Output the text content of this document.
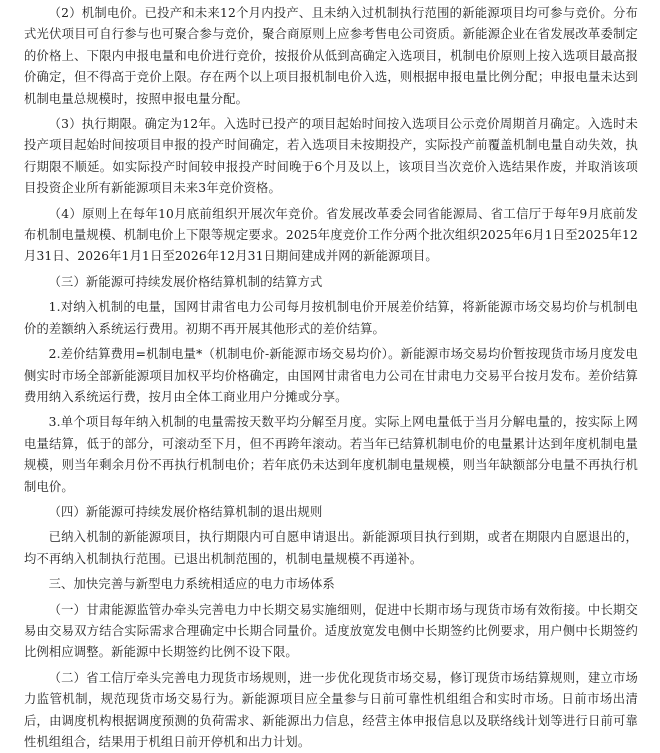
（2）机制电价。已投产和未来12个月内投产、且未纳入过机制执行范围的新能源项目均可参与竞价。分布式光伏项目可自行参与也可聚合参与竞价，聚合商原则上应参考售电公司资质。新能源企业在省发展改革委制定的价格上、下限内申报电量和电价进行竞价，按报价从低到高确定入选项目，机制电价原则上按入选项目最高报价确定，但不得高于竞价上限。存在两个以上项目报机制电价入选，则根据申报电量比例分配；申报电量未达到机制电量总规模时，按照申报电量分配。

（3）执行期限。确定为12年。入选时已投产的项目起始时间按入选项目公示竞价周期首月确定。入选时未投产项目起始时间按项目申报的投产时间确定，若入选项目未按期投产，实际投产前覆盖机制电量自动失效，执行期限不顺延。如实际投产时间较申报投产时间晚于6个月及以上，该项目当次竞价入选结果作废，并取消该项目投资企业所有新能源项目未来3年竞价资格。

（4）原则上在每年10月底前组织开展次年竞价。省发展改革委会同省能源局、省工信厅于每年9月底前发布机制电量规模、机制电价上下限等规定要求。2025年度竞价工作分两个批次组织2025年6月1日至2025年12月31日、2026年1月1日至2026年12月31日期间建成并网的新能源项目。

（三）新能源可持续发展价格结算机制的结算方式

1.对纳入机制的电量，国网甘肃省电力公司每月按机制电价开展差价结算，将新能源市场交易均价与机制电价的差额纳入系统运行费用。初期不再开展其他形式的差价结算。

2.差价结算费用=机制电量*（机制电价-新能源市场交易均价）。新能源市场交易均价暂按现货市场月度发电侧实时市场全部新能源项目加权平均价格确定，由国网甘肃省电力公司在甘肃电力交易平台按月发布。差价结算费用纳入系统运行费，按月由全体工商业用户分摊或分享。

3.单个项目每年纳入机制的电量需按天数平均分解至月度。实际上网电量低于当月分解电量的，按实际上网电量结算，低于的部分，可滚动至下月，但不再跨年滚动。若当年已结算机制电价的电量累计达到年度机制电量规模，则当年剩余月份不再执行机制电价；若年底仍未达到年度机制电量规模，则当年缺额部分电量不再执行机制电价。

（四）新能源可持续发展价格结算机制的退出规则

已纳入机制的新能源项目，执行期限内可自愿申请退出。新能源项目执行到期，或者在期限内自愿退出的，均不再纳入机制执行范围。已退出机制范围的，机制电量规模不再递补。

三、加快完善与新型电力系统相适应的电力市场体系

（一）甘肃能源监管办牵头完善电力中长期交易实施细则，促进中长期市场与现货市场有效衔接。中长期交易由交易双方结合实际需求合理确定中长期合同量价。适度放宽发电侧中长期签约比例要求，用户侧中长期签约比例相应调整。新能源中长期签约比例不设下限。

（二）省工信厅牵头完善电力现货市场规则，进一步优化现货市场交易，修订现货市场结算规则，建立市场力监管机制，规范现货市场交易行为。新能源项目应全量参与日前可靠性机组组合和实时市场。日前市场出清后，由调度机构根据调度预测的负荷需求、新能源出力信息，经营主体申报信息以及联络线计划等进行日前可靠性机组组合，结果用于机组日前开停机和出力计划。
